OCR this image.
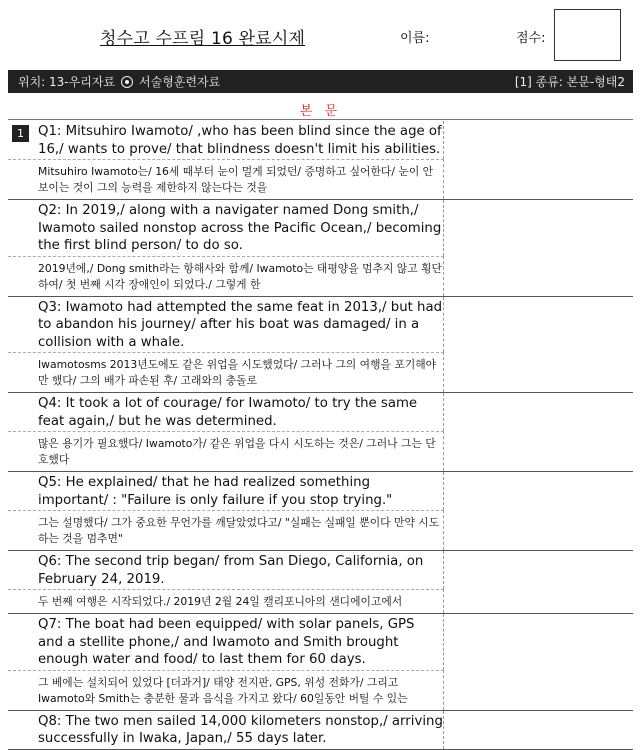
청수고 수프림 16 완료시제	이름:	점수:
위치: 13-우리자료 서술형훈련자료	[1] 종류: 본문-형태2
본 문
1	Q1: Mitsuhiro Iwamoto/ ,who has been blind since the age of 16,/ wants to prove/ that blindness doesn't limit his abilities.
Mitsuhiro Iwamoto는/ 16세 때부터 눈이 멀게 되었던/ 증명하고 싶어한다/ 눈이 안 보이는 것이 그의 능력을 제한하지 않는다는 것을
Q2: In 2019,/ along with a navigater named Dong smith,/ Iwamoto sailed nonstop across the Pacific Ocean,/ becoming the first blind person/ to do so.
2019년에,/ Dong smith라는 항해사와 함께/ Iwamoto는 태평양을 멈추지 않고 횡단하여/ 첫 번째 시각 장애인이 되었다./ 그렇게 한
Q3: Iwamoto had attempted the same feat in 2013,/ but had to abandon his journey/ after his boat was damaged/ in a collision with a whale.
Iwamotosms 2013년도에도 같은 위업을 시도했었다/ 그러나 그의 여행을 포기해야만 했다/ 그의 배가 파손된 후/ 고래와의 충돌로
Q4: It took a lot of courage/ for Iwamoto/ to try the same feat again,/ but he was determined.
많은 용기가 필요했다/ Iwamoto가/ 같은 위업을 다시 시도하는 것은/ 그러나 그는 단호했다
Q5: He explained/ that he had realized something important/ : "Failure is only failure if you stop trying."
그는 설명했다/ 그가 중요한 무언가를 깨달았었다고/ "실패는 실패일 뿐이다 만약 시도하는 것을 멈추면"
Q6: The second trip began/ from San Diego, California, on February 24, 2019.
두 번째 여행은 시작되었다./ 2019년 2월 24일 캘리포니아의 샌디에이고에서
Q7: The boat had been equipped/ with solar panels, GPS and a stellite phone,/ and Iwamoto and Smith brought enough water and food/ to last them for 60 days.
그 베에는 설치되어 있었다 [더과거]/ 태양 전지판, GPS, 위성 전화가/ 그리고 Iwamoto와 Smith는 충분한 물과 음식을 가지고 왔다/ 60일동안 버틸 수 있는
Q8: The two men sailed 14,000 kilometers nonstop,/ arriving successfully in Iwaka, Japan,/ 55 days later.
